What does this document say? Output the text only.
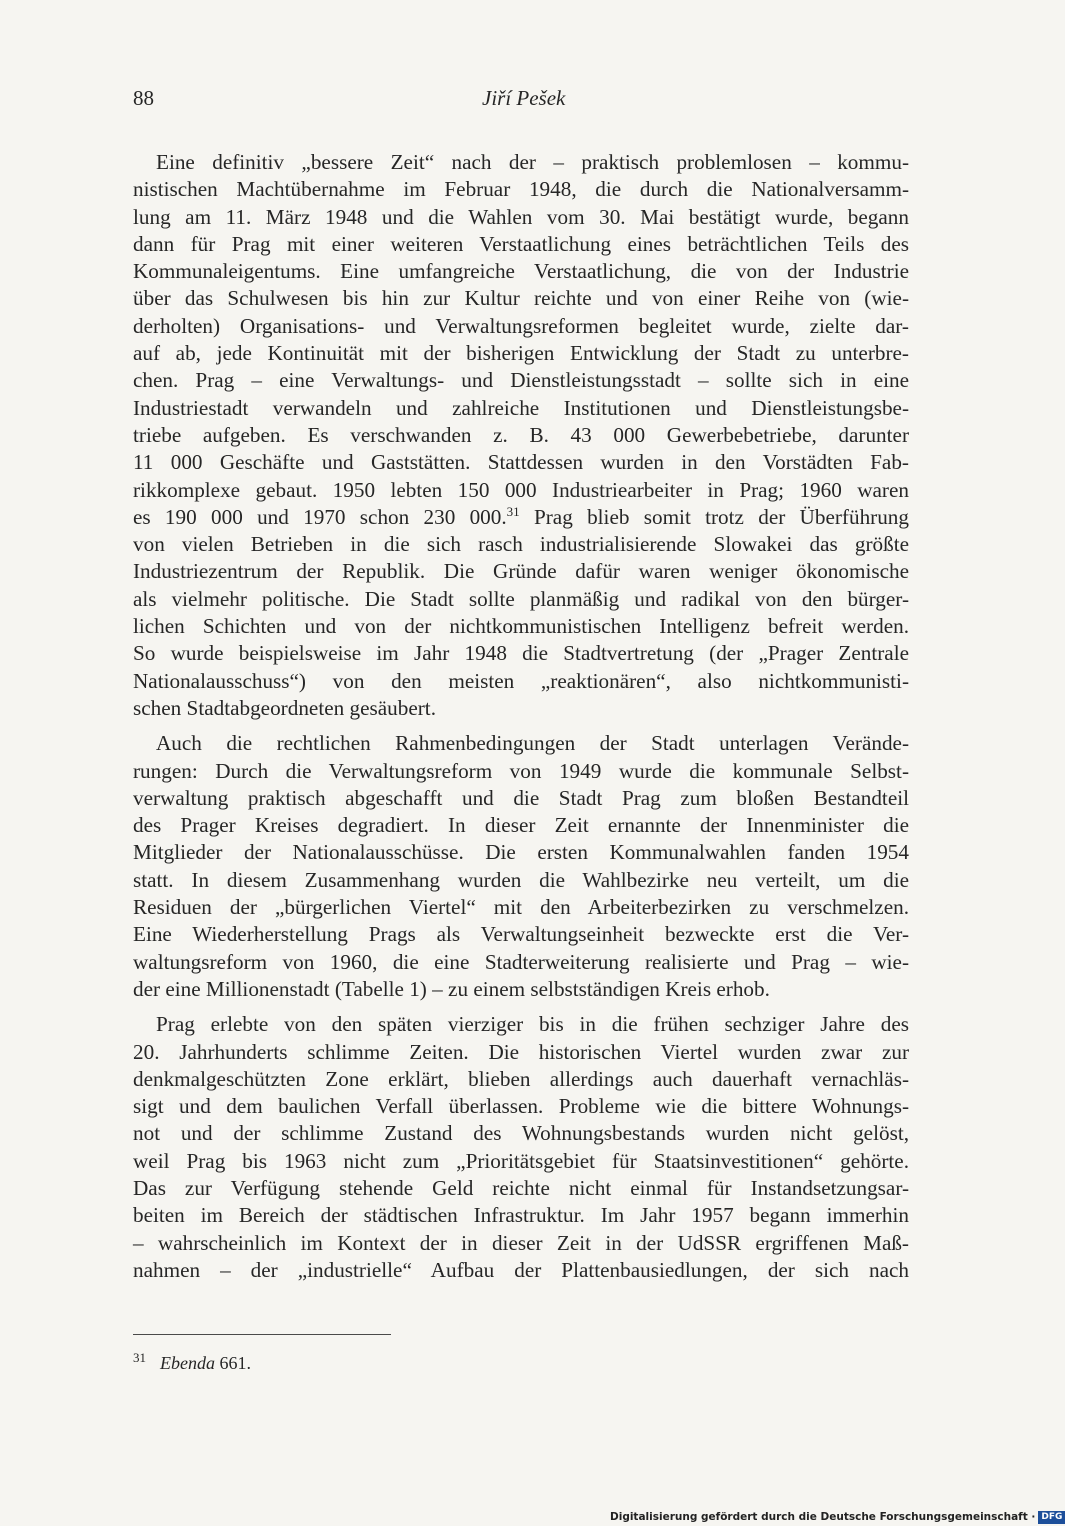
88	Jiří Pešek
Eine definitiv „bessere Zeit“ nach der – praktisch problemlosen – kommu-
nistischen Machtübernahme im Februar 1948, die durch die Nationalversamm-
lung am 11. März 1948 und die Wahlen vom 30. Mai bestätigt wurde, begann
dann für Prag mit einer weiteren Verstaatlichung eines beträchtlichen Teils des
Kommunaleigentums. Eine umfangreiche Verstaatlichung, die von der Industrie
über das Schulwesen bis hin zur Kultur reichte und von einer Reihe von (wie-
derholten) Organisations- und Verwaltungsreformen begleitet wurde, zielte dar-
auf ab, jede Kontinuität mit der bisherigen Entwicklung der Stadt zu unterbre-
chen. Prag – eine Verwaltungs- und Dienstleistungsstadt – sollte sich in eine
Industriestadt verwandeln und zahlreiche Institutionen und Dienstleistungsbe-
triebe aufgeben. Es verschwanden z. B. 43 000 Gewerbebetriebe, darunter
11 000 Geschäfte und Gaststätten. Stattdessen wurden in den Vorstädten Fab-
rikkomplexe gebaut. 1950 lebten 150 000 Industriearbeiter in Prag; 1960 waren
es 190 000 und 1970 schon 230 000.31 Prag blieb somit trotz der Überführung
von vielen Betrieben in die sich rasch industrialisierende Slowakei das größte
Industriezentrum der Republik. Die Gründe dafür waren weniger ökonomische
als vielmehr politische. Die Stadt sollte planmäßig und radikal von den bürger-
lichen Schichten und von der nichtkommunistischen Intelligenz befreit werden.
So wurde beispielsweise im Jahr 1948 die Stadtvertretung (der „Prager Zentrale
Nationalausschuss“) von den meisten „reaktionären“, also nichtkommunisti-
schen Stadtabgeordneten gesäubert.
Auch die rechtlichen Rahmenbedingungen der Stadt unterlagen Verände-
rungen: Durch die Verwaltungsreform von 1949 wurde die kommunale Selbst-
verwaltung praktisch abgeschafft und die Stadt Prag zum bloßen Bestandteil
des Prager Kreises degradiert. In dieser Zeit ernannte der Innenminister die
Mitglieder der Nationalausschüsse. Die ersten Kommunalwahlen fanden 1954
statt. In diesem Zusammenhang wurden die Wahlbezirke neu verteilt, um die
Residuen der „bürgerlichen Viertel“ mit den Arbeiterbezirken zu verschmelzen.
Eine Wiederherstellung Prags als Verwaltungseinheit bezweckte erst die Ver-
waltungsreform von 1960, die eine Stadterweiterung realisierte und Prag – wie-
der eine Millionenstadt (Tabelle 1) – zu einem selbstständigen Kreis erhob.
Prag erlebte von den späten vierziger bis in die frühen sechziger Jahre des
20. Jahrhunderts schlimme Zeiten. Die historischen Viertel wurden zwar zur
denkmalgeschützten Zone erklärt, blieben allerdings auch dauerhaft vernachläs-
sigt und dem baulichen Verfall überlassen. Probleme wie die bittere Wohnungs-
not und der schlimme Zustand des Wohnungsbestands wurden nicht gelöst,
weil Prag bis 1963 nicht zum „Prioritätsgebiet für Staatsinvestitionen“ gehörte.
Das zur Verfügung stehende Geld reichte nicht einmal für Instandsetzungsar-
beiten im Bereich der städtischen Infrastruktur. Im Jahr 1957 begann immerhin
– wahrscheinlich im Kontext der in dieser Zeit in der UdSSR ergriffenen Maß-
nahmen – der „industrielle“ Aufbau der Plattenbausiedlungen, der sich nach
$^{31}$ Ebenda 661.
Digitalisierung gefördert durch die Deutsche Forschungsgemeinschaft · DFG
